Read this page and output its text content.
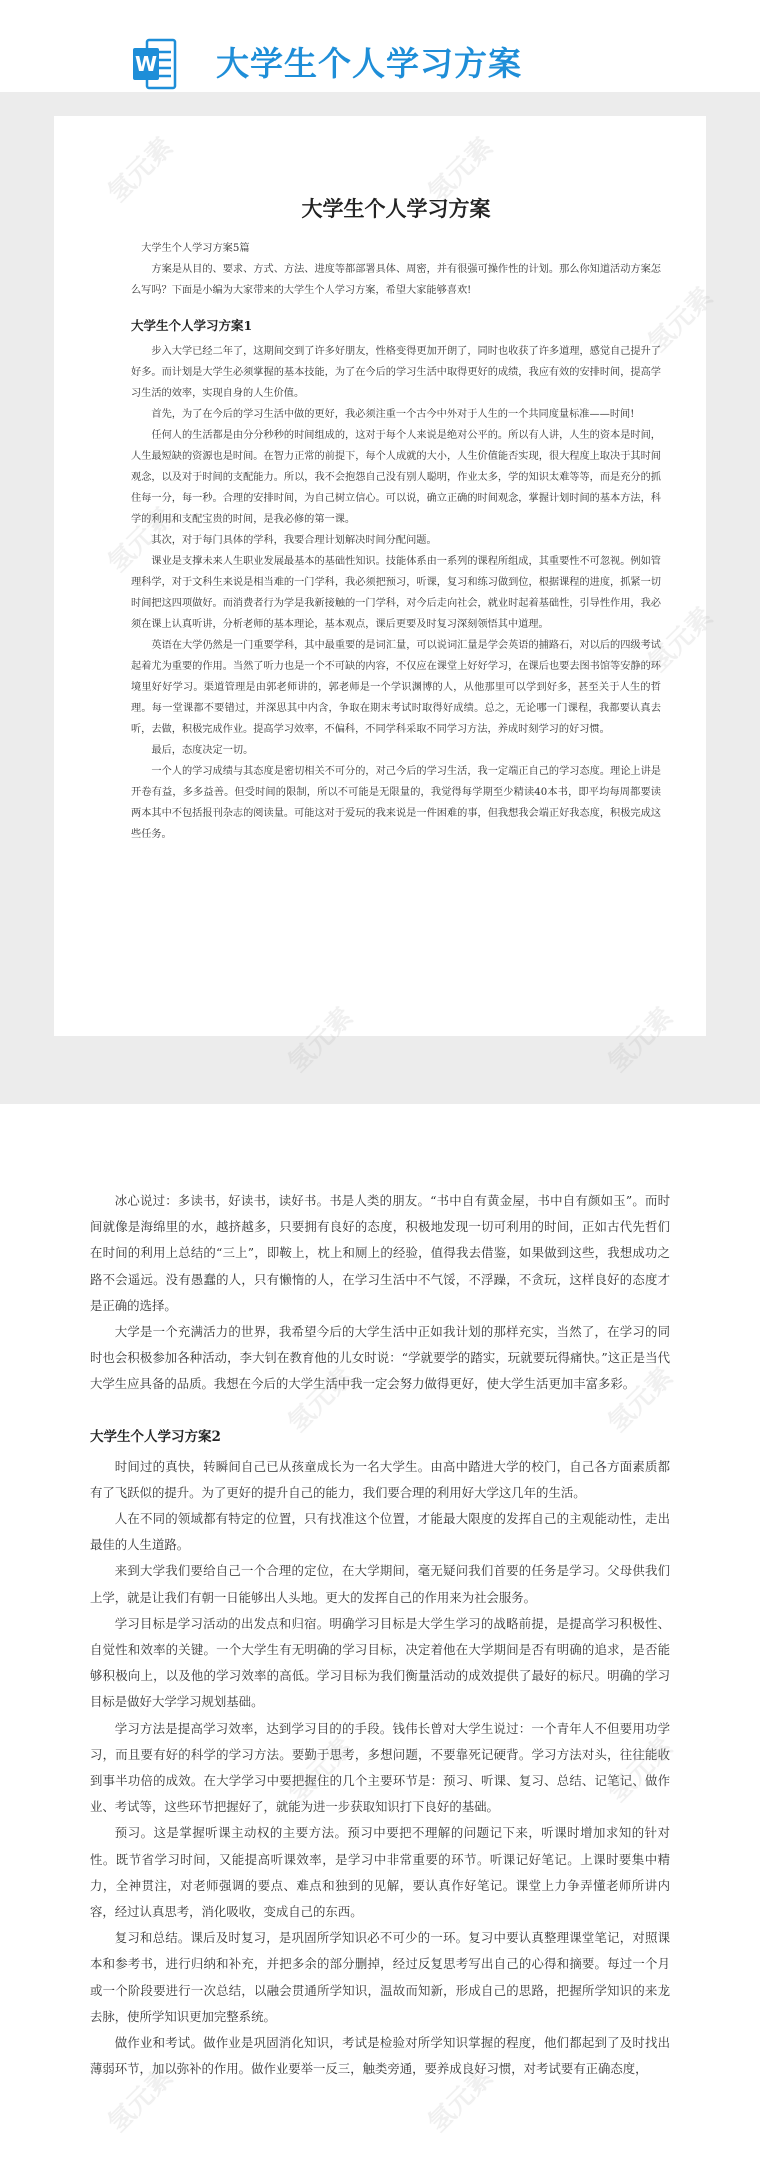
W 大学生个人学习方案
大学生个人学习方案

大学生个人学习方案5篇

方案是从目的、要求、方式、方法、进度等都部署具体、周密，并有很强可操作性的计划。那么你知道活动方案怎么写吗？下面是小编为大家带来的大学生个人学习方案，希望大家能够喜欢!

大学生个人学习方案1

步入大学已经二年了，这期间交到了许多好朋友，性格变得更加开朗了，同时也收获了许多道理，感觉自己提升了好多。而计划是大学生必须掌握的基本技能，为了在今后的学习生活中取得更好的成绩，我应有效的安排时间，提高学习生活的效率，实现自身的人生价值。

首先，为了在今后的学习生活中做的更好，我必须注重一个古今中外对于人生的一个共同度量标准——时间!

任何人的生活都是由分分秒秒的时间组成的，这对于每个人来说是绝对公平的。所以有人讲，人生的资本是时间，人生最短缺的资源也是时间。在智力正常的前提下，每个人成就的大小，人生价值能否实现，很大程度上取决于其时间观念，以及对于时间的支配能力。所以，我不会抱怨自己没有别人聪明，作业太多，学的知识太难等等，而是充分的抓住每一分，每一秒。合理的安排时间，为自己树立信心。可以说，确立正确的时间观念，掌握计划时间的基本方法，科学的利用和支配宝贵的时间，是我必修的第一课。

其次，对于每门具体的学科，我要合理计划解决时间分配问题。

课业是支撑未来人生职业发展最基本的基础性知识。技能体系由一系列的课程所组成，其重要性不可忽视。例如管理科学，对于文科生来说是相当难的一门学科，我必须把预习，听课，复习和练习做到位，根据课程的进度，抓紧一切时间把这四项做好。而消费者行为学是我新接触的一门学科，对今后走向社会，就业时起着基础性，引导性作用，我必须在课上认真听讲，分析老师的基本理论，基本观点，课后更要及时复习深刻领悟其中道理。

英语在大学仍然是一门重要学科，其中最重要的是词汇量，可以说词汇量是学会英语的捕路石，对以后的四级考试起着尤为重要的作用。当然了听力也是一个不可缺的内容，不仅应在课堂上好好学习，在课后也要去图书馆等安静的环境里好好学习。渠道管理是由郭老师讲的，郭老师是一个学识渊博的人，从他那里可以学到好多，甚至关于人生的哲理。每一堂课都不要错过，并深思其中内含，争取在期末考试时取得好成绩。总之，无论哪一门课程，我都要认真去听，去做，积极完成作业。提高学习效率，不偏科，不同学科采取不同学习方法，养成时刻学习的好习惯。

最后，态度决定一切。

一个人的学习成绩与其态度是密切相关不可分的，对己今后的学习生活，我一定端正自己的学习态度。理论上讲是开卷有益，多多益善。但受时间的限制，所以不可能是无限量的，我觉得每学期至少精读40本书，即平均每周都要读两本其中不包括报刊杂志的阅读量。可能这对于爱玩的我来说是一件困难的事，但我想我会端正好我态度，积极完成这些任务。

冰心说过：多读书，好读书，读好书。书是人类的朋友。“书中自有黄金屋，书中自有颜如玉”。而时间就像是海绵里的水，越挤越多，只要拥有良好的态度，积极地发现一切可利用的时间，正如古代先哲们在时间的利用上总结的“三上”，即鞍上，枕上和厕上的经验，值得我去借鉴，如果做到这些，我想成功之路不会遥远。没有愚蠢的人，只有懒惰的人，在学习生活中不气馁，不浮躁，不贪玩，这样良好的态度才是正确的选择。

大学是一个充满活力的世界，我希望今后的大学生活中正如我计划的那样充实，当然了，在学习的同时也会积极参加各种活动，李大钊在教育他的儿女时说：“学就要学的踏实，玩就要玩得痛快。”这正是当代大学生应具备的品质。我想在今后的大学生活中我一定会努力做得更好，使大学生活更加丰富多彩。

大学生个人学习方案2

时间过的真快，转瞬间自己已从孩童成长为一名大学生。由高中踏进大学的校门，自己各方面素质都有了飞跃似的提升。为了更好的提升自己的能力，我们要合理的利用好大学这几年的生活。

人在不同的领域都有特定的位置，只有找准这个位置，才能最大限度的发挥自己的主观能动性，走出最佳的人生道路。

来到大学我们要给自己一个合理的定位，在大学期间，毫无疑问我们首要的任务是学习。父母供我们上学，就是让我们有朝一日能够出人头地。更大的发挥自己的作用来为社会服务。

学习目标是学习活动的出发点和归宿。明确学习目标是大学生学习的战略前提，是提高学习积极性、自觉性和效率的关键。一个大学生有无明确的学习目标，决定着他在大学期间是否有明确的追求，是否能够积极向上，以及他的学习效率的高低。学习目标为我们衡量活动的成效提供了最好的标尺。明确的学习目标是做好大学学习规划基础。

学习方法是提高学习效率，达到学习目的的手段。钱伟长曾对大学生说过：一个青年人不但要用功学习，而且要有好的科学的学习方法。要勤于思考，多想问题，不要靠死记硬背。学习方法对头，往往能收到事半功倍的成效。在大学学习中要把握住的几个主要环节是：预习、听课、复习、总结、记笔记、做作业、考试等，这些环节把握好了，就能为进一步获取知识打下良好的基础。

预习。这是掌握听课主动权的主要方法。预习中要把不理解的问题记下来，听课时增加求知的针对性。既节省学习时间，又能提高听课效率，是学习中非常重要的环节。听课记好笔记。上课时要集中精力，全神贯注，对老师强调的要点、难点和独到的见解，要认真作好笔记。课堂上力争弄懂老师所讲内容，经过认真思考，消化吸收，变成自己的东西。

复习和总结。课后及时复习，是巩固所学知识必不可少的一环。复习中要认真整理课堂笔记，对照课本和参考书，进行归纳和补充，并把多余的部分删掉，经过反复思考写出自己的心得和摘要。每过一个月或一个阶段要进行一次总结，以融会贯通所学知识，温故而知新，形成自己的思路，把握所学知识的来龙去脉，使所学知识更加完整系统。

做作业和考试。做作业是巩固消化知识，考试是检验对所学知识掌握的程度，他们都起到了及时找出薄弱环节，加以弥补的作用。做作业要举一反三，触类旁通，要养成良好习惯，对考试要有正确态度，

氢元素	氢元素
氢元素	氢元素
氢元素	氢元素
